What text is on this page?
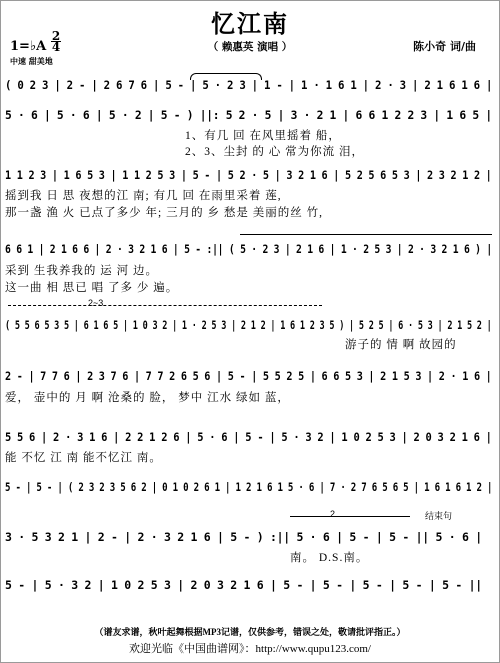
忆江南
（ 赖惠英 演唱 ）
1=♭A
2
4
中速 甜美地
陈小奇 词/曲
( 0 2 3 | 2 - | 2 6 7 6 | 5 - | 5 · 2 3 | 1 - | 1 · 1 6 1 | 2 · 3 | 2 1 6 1 6 |
5 · 6 | 5 · 6 | 5 · 2 | 5 - ) ||: 5 2 · 5 | 3 · 2 1 | 6 6 1 2 2 3 | 1 6 5 |
1、有几 回 在风里摇着 船，
2、3、尘封 的 心 常为你流 泪，
1 1 2 3 | 1 6 5 3 | 1 1 2 5 3 | 5 - | 5 2 · 5 | 3 2 1 6 | 5 2 5 6 5 3 | 2 3 2 1 2 |
摇到我 日 思 夜想的江 南; 有几 回 在雨里采着 莲,
那一盏 渔 火 已点了多少 年; 三月的 乡 愁是 美丽的丝 竹,
6 6 1 | 2 1 6 6 | 2 · 3 2 1 6 | 5 - :|| ( 5 · 2 3 | 2 1 6 | 1 · 2 5 3 | 2 · 3 2 1 6 ) |
采到 生我养我的 运 河 边。
这一曲 相 思已 唱 了多 少 遍。
2~3
( 5 5 6 5 3 5 | 6 1 6 5 | 1 0 3 2 | 1 · 2 5 3 | 2 1 2 | 1 6 1 2 3 5 ) | 5 2 5 | 6 · 5 3 | 2 1 5 2 |
游子的 情 啊 故园的
2 - | 7 7 6 | 2 3 7 6 | 7 7 2 6 5 6 | 5 - | 5 5 2 5 | 6 6 5 3 | 2 1 5 3 | 2 · 1 6 |
爱， 壶中的 月 啊 沧桑的 脸， 梦中 江水 绿如 蓝，
5 5 6 | 2 · 3 1 6 | 2 2 1 2 6 | 5 · 6 | 5 - | 5 · 3 2 | 1 0 2 5 3 | 2 0 3 2 1 6 |
能 不忆 江 南 能不忆江 南。
5 - | 5 - | ( 2 3 2 3 5 6 2 | 0 1 0 2 6 1 | 1 2 1 6 1 5 · 6 | 7 · 2 7 6 5 6 5 | 1 6 1 6 1 2 |
2	结束句
3 · 5 3 2 1 | 2 - | 2 · 3 2 1 6 | 5 - ) :|| 5 · 6 | 5 - | 5 - || 5 · 6 |
南。 D.S.南。
5 - | 5 · 3 2 | 1 0 2 5 3 | 2 0 3 2 1 6 | 5 - | 5 - | 5 - | 5 - | 5 - ||
（谱友求谱，秋叶起舞根据MP3记谱，仅供参考，错误之处，敬请批评指正。）
欢迎光临《中国曲谱网》：http://www.qupu123.com/
